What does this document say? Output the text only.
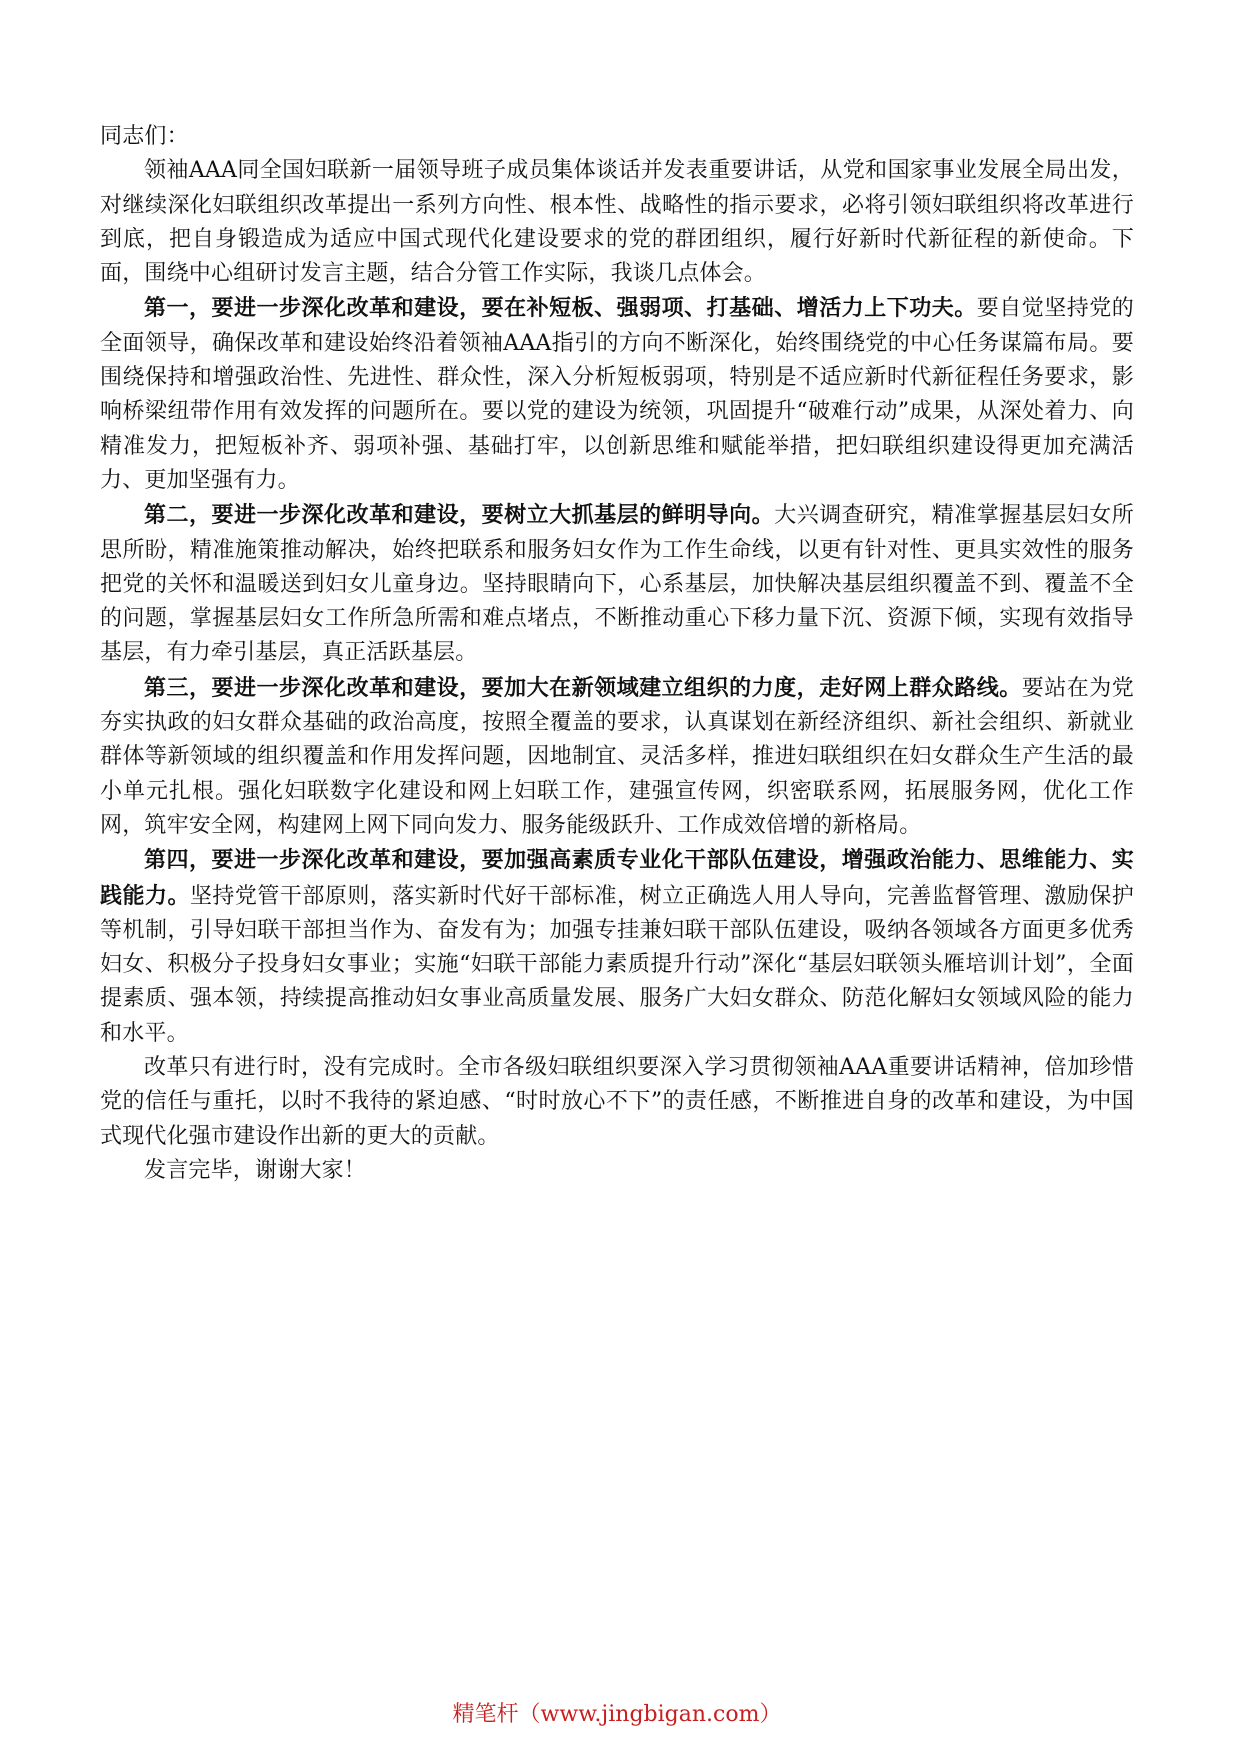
同志们：

领袖AAA同全国妇联新一届领导班子成员集体谈话并发表重要讲话，从党和国家事业发展全局出发，对继续深化妇联组织改革提出一系列方向性、根本性、战略性的指示要求，必将引领妇联组织将改革进行到底，把自身锻造成为适应中国式现代化建设要求的党的群团组织，履行好新时代新征程的新使命。下面，围绕中心组研讨发言主题，结合分管工作实际，我谈几点体会。

第一，要进一步深化改革和建设，要在补短板、强弱项、打基础、增活力上下功夫。要自觉坚持党的全面领导，确保改革和建设始终沿着领袖AAA指引的方向不断深化，始终围绕党的中心任务谋篇布局。要围绕保持和增强政治性、先进性、群众性，深入分析短板弱项，特别是不适应新时代新征程任务要求，影响桥梁纽带作用有效发挥的问题所在。要以党的建设为统领，巩固提升“破难行动”成果，从深处着力、向精准发力，把短板补齐、弱项补强、基础打牢，以创新思维和赋能举措，把妇联组织建设得更加充满活力、更加坚强有力。

第二，要进一步深化改革和建设，要树立大抓基层的鲜明导向。大兴调查研究，精准掌握基层妇女所思所盼，精准施策推动解决，始终把联系和服务妇女作为工作生命线，以更有针对性、更具实效性的服务把党的关怀和温暖送到妇女儿童身边。坚持眼睛向下，心系基层，加快解决基层组织覆盖不到、覆盖不全的问题，掌握基层妇女工作所急所需和难点堵点，不断推动重心下移力量下沉、资源下倾，实现有效指导基层，有力牵引基层，真正活跃基层。

第三，要进一步深化改革和建设，要加大在新领域建立组织的力度，走好网上群众路线。要站在为党夯实执政的妇女群众基础的政治高度，按照全覆盖的要求，认真谋划在新经济组织、新社会组织、新就业群体等新领域的组织覆盖和作用发挥问题，因地制宜、灵活多样，推进妇联组织在妇女群众生产生活的最小单元扎根。强化妇联数字化建设和网上妇联工作，建强宣传网，织密联系网，拓展服务网，优化工作网，筑牢安全网，构建网上网下同向发力、服务能级跃升、工作成效倍增的新格局。

第四，要进一步深化改革和建设，要加强高素质专业化干部队伍建设，增强政治能力、思维能力、实践能力。坚持党管干部原则，落实新时代好干部标准，树立正确选人用人导向，完善监督管理、激励保护等机制，引导妇联干部担当作为、奋发有为；加强专挂兼妇联干部队伍建设，吸纳各领域各方面更多优秀妇女、积极分子投身妇女事业；实施“妇联干部能力素质提升行动”深化“基层妇联领头雁培训计划”，全面提素质、强本领，持续提高推动妇女事业高质量发展、服务广大妇女群众、防范化解妇女领域风险的能力和水平。

改革只有进行时，没有完成时。全市各级妇联组织要深入学习贯彻领袖AAA重要讲话精神，倍加珍惜党的信任与重托，以时不我待的紧迫感、“时时放心不下”的责任感，不断推进自身的改革和建设，为中国式现代化强市建设作出新的更大的贡献。

发言完毕，谢谢大家！

精笔杆（www.jingbigan.com）
